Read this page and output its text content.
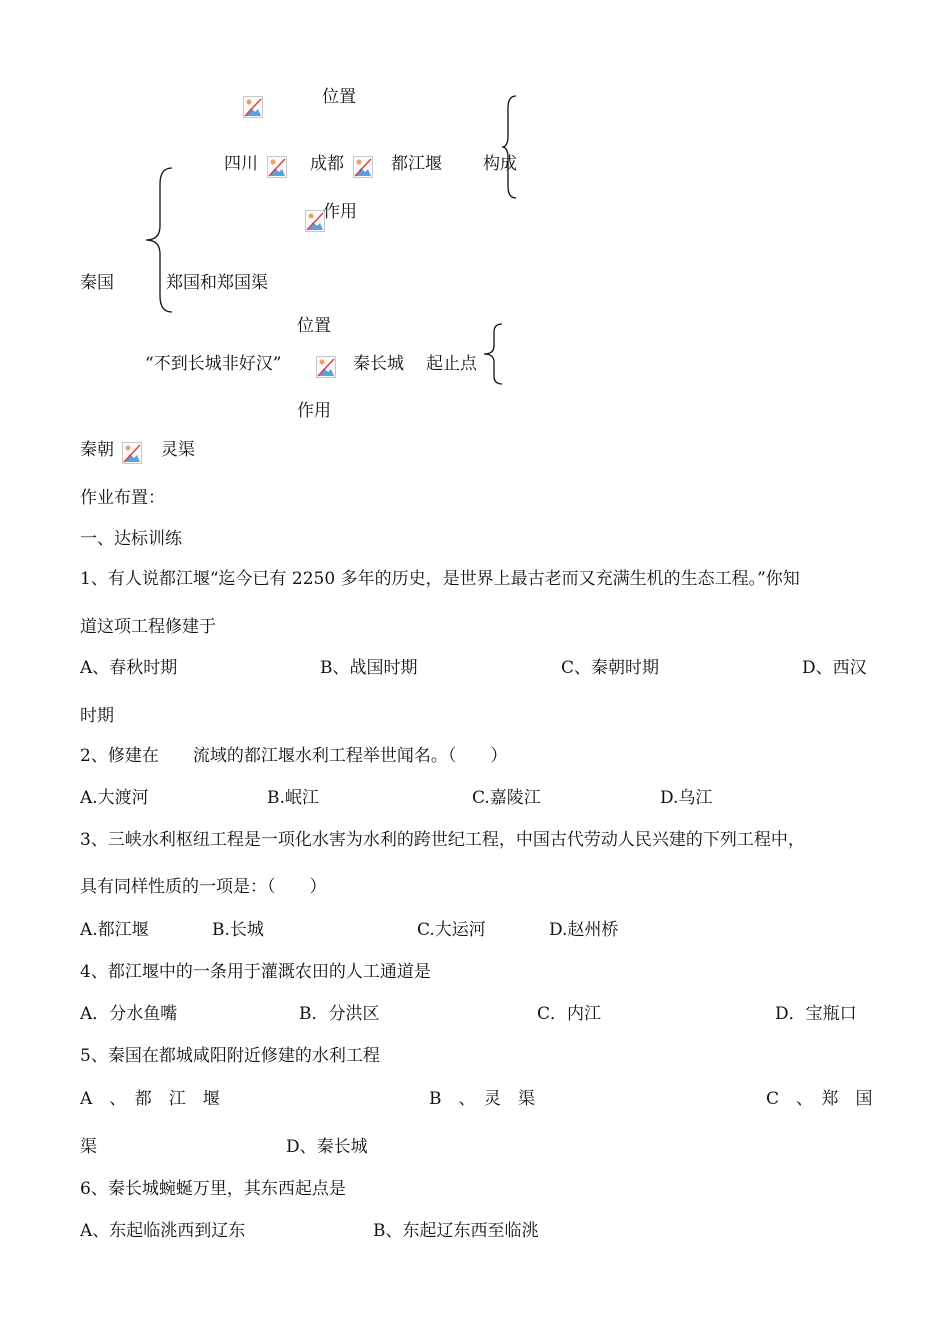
位置
四川	成都	都江堰 构成
作用
秦国	郑国和郑国渠
位置
“不到长城非好汉”	秦长城 起止点
作用
秦朝	灵渠
作业布置：
一、达标训练
1、有人说都江堰“迄今已有 2250 多年的历史，是世界上最古老而又充满生机的生态工程。”你知
道这项工程修建于
A、春秋时期	B、战国时期	C、秦朝时期	D、西汉
时期
2、修建在　　流域的都江堰水利工程举世闻名。（　　）
A.大渡河	B.岷江	C.嘉陵江	D.乌江
3、三峡水利枢纽工程是一项化水害为水利的跨世纪工程，中国古代劳动人民兴建的下列工程中，
具有同样性质的一项是：（　　）
A.都江堰	B.长城	C.大运河	D.赵州桥
4、都江堰中的一条用于灌溉农田的人工通道是
A．分水鱼嘴	B．分洪区	C．内江	D．宝瓶口
5、秦国在都城咸阳附近修建的水利工程
A　、　都　江　堰	B　、　灵　渠	C　、　郑　国
渠	D、秦长城
6、秦长城蜿蜒万里，其东西起点是
A、东起临洮西到辽东	B、东起辽东西至临洮
